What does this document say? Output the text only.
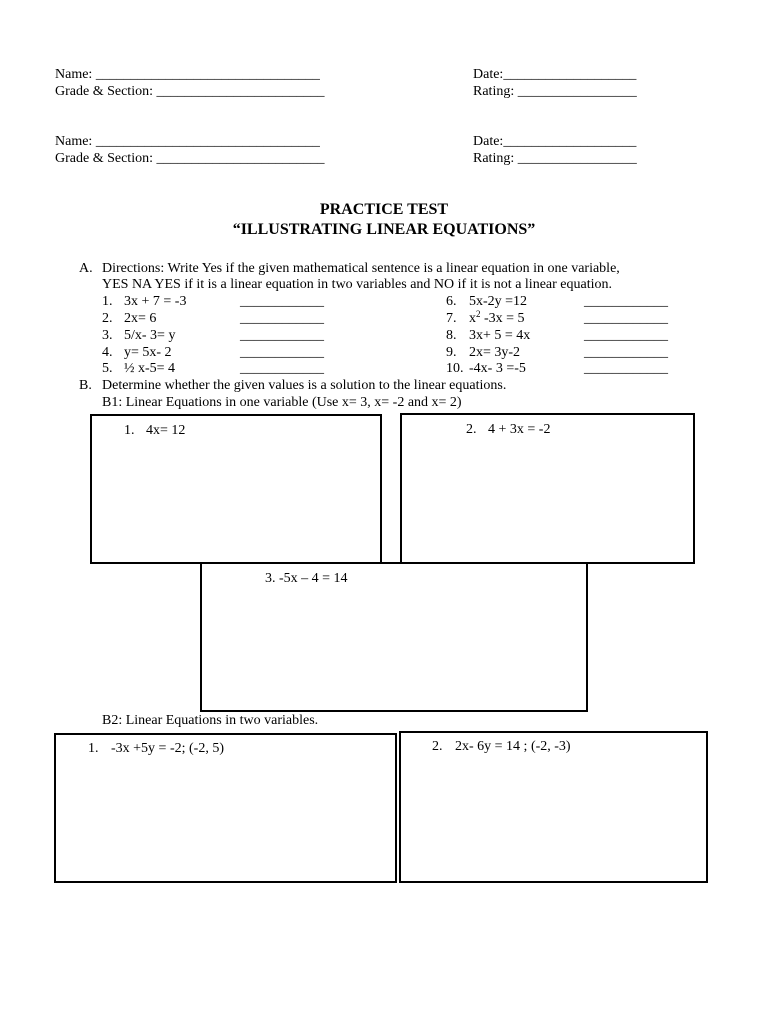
Name: ________________________________	Date:___________________
Grade & Section: ________________________	Rating: _________________
Name: ________________________________	Date:___________________
Grade & Section: ________________________	Rating: _________________
PRACTICE TEST
“ILLUSTRATING LINEAR EQUATIONS”
A. Directions: Write Yes if the given mathematical sentence is a linear equation in one variable,
YES NA YES if it is a linear equation in two variables and NO if it is not a linear equation.
1. 3x + 7 = -3	____________
2. 2x= 6	____________
3. 5/x- 3= y	____________
4. y= 5x- 2	____________
5. ½ x-5= 4	____________
6. 5x-2y =12	____________
7. $x^2$ -3x = 5	____________
8. 3x+ 5 = 4x	____________
9. 2x= 3y-2	____________
10. -4x- 3 =-5	____________
B. Determine whether the given values is a solution to the linear equations.
B1: Linear Equations in one variable (Use x= 3, x= -2 and x= 2)
1. 4x= 12	2. 4 + 3x = -2
3. -5x – 4 = 14
B2: Linear Equations in two variables.
1. -3x +5y = -2; (-2, 5)	2. 2x- 6y = 14 ; (-2, -3)
